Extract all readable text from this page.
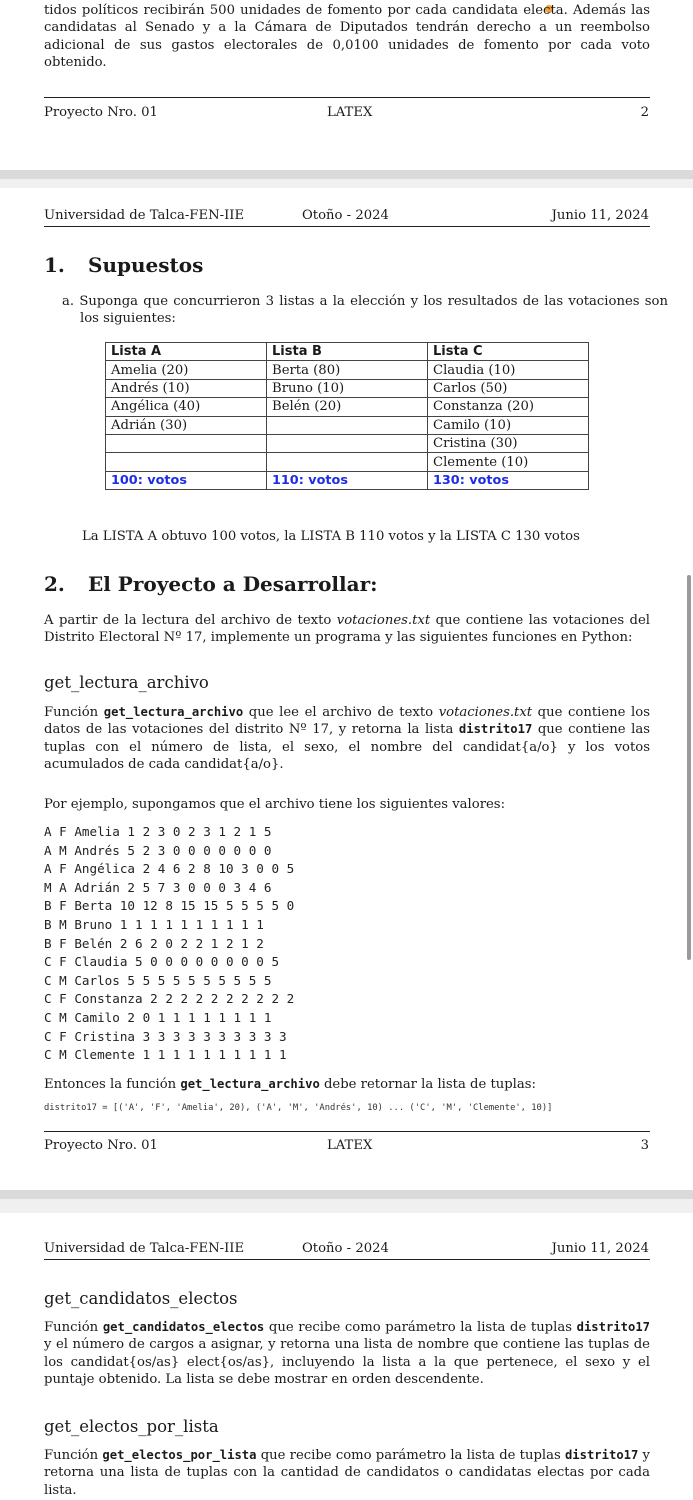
tidos políticos recibirán 500 unidades de fomento por cada candidata electa. Además las candidatas al Senado y a la Cámara de Diputados tendrán derecho a un reembolso adicional de sus gastos electorales de 0,0100 unidades de fomento por cada voto obtenido.

Proyecto Nro. 01	LATEX	2
Universidad de Talca-FEN-IIE	Otoño - 2024	Junio 11, 2024
1. Supuestos

a. Suponga que concurrieron 3 listas a la elección y los resultados de las votaciones son los siguientes:

Lista A	Lista B	Lista C
Amelia (20)	Berta (80)	Claudia (10)
Andrés (10)	Bruno (10)	Carlos (50)
Angélica (40)	Belén (20)	Constanza (20)
Adrián (30)		Camilo (10)
		Cristina (30)
		Clemente (10)
100: votos	110: votos	130: votos

La LISTA A obtuvo 100 votos, la LISTA B 110 votos y la LISTA C 130 votos

2. El Proyecto a Desarrollar:

A partir de la lectura del archivo de texto votaciones.txt que contiene las votaciones del Distrito Electoral Nº 17, implemente un programa y las siguientes funciones en Python:

get_lectura_archivo

Función get_lectura_archivo que lee el archivo de texto votaciones.txt que contiene los datos de las votaciones del distrito Nº 17, y retorna la lista distrito17 que contiene las tuplas con el número de lista, el sexo, el nombre del candidat{a/o} y los votos acumulados de cada candidat{a/o}.

Por ejemplo, supongamos que el archivo tiene los siguientes valores:

A F Amelia 1 2 3 0 2 3 1 2 1 5
A M Andrés 5 2 3 0 0 0 0 0 0 0
A F Angélica 2 4 6 2 8 10 3 0 0 5
M A Adrián 2 5 7 3 0 0 0 3 4 6
B F Berta 10 12 8 15 15 5 5 5 5 0
B M Bruno 1 1 1 1 1 1 1 1 1 1
B F Belén 2 6 2 0 2 2 1 2 1 2
C F Claudia 5 0 0 0 0 0 0 0 0 5
C M Carlos 5 5 5 5 5 5 5 5 5 5
C F Constanza 2 2 2 2 2 2 2 2 2 2
C M Camilo 2 0 1 1 1 1 1 1 1 1
C F Cristina 3 3 3 3 3 3 3 3 3 3
C M Clemente 1 1 1 1 1 1 1 1 1 1

Entonces la función get_lectura_archivo debe retornar la lista de tuplas:

distrito17 = [('A', 'F', 'Amelia', 20), ('A', 'M', 'Andrés', 10) ... ('C', 'M', 'Clemente', 10)]
Proyecto Nro. 01	LATEX	3
Universidad de Talca-FEN-IIE	Otoño - 2024	Junio 11, 2024
get_candidatos_electos

Función get_candidatos_electos que recibe como parámetro la lista de tuplas distrito17 y el número de cargos a asignar, y retorna una lista de nombre que contiene las tuplas de los candidat{os/as} elect{os/as}, incluyendo la lista a la que pertenece, el sexo y el puntaje obtenido. La lista se debe mostrar en orden descendente.

get_electos_por_lista

Función get_electos_por_lista que recibe como parámetro la lista de tuplas distrito17 y retorna una lista de tuplas con la cantidad de candidatos o candidatas electas por cada lista.
